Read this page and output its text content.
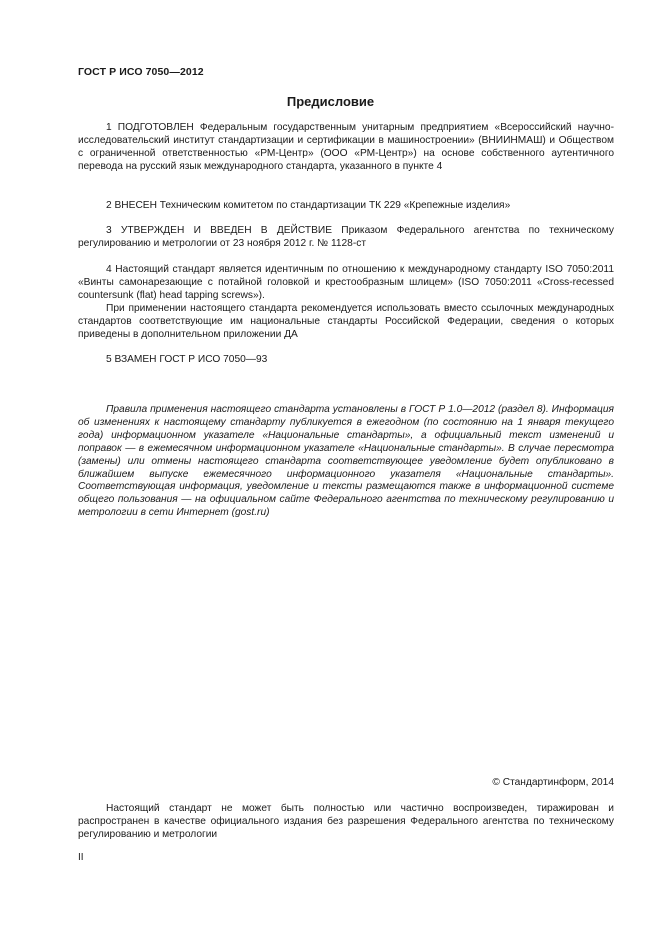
ГОСТ Р ИСО 7050—2012
Предисловие

1 ПОДГОТОВЛЕН Федеральным государственным унитарным предприятием «Всероссийский научно-исследовательский институт стандартизации и сертификации в машиностроении» (ВНИИНМАШ) и Обществом с ограниченной ответственностью «РМ-Центр» (ООО «РМ-Центр») на основе собственного аутентичного перевода на русский язык международного стандарта, указанного в пункте 4

2 ВНЕСЕН Техническим комитетом по стандартизации ТК 229 «Крепежные изделия»

3 УТВЕРЖДЕН И ВВЕДЕН В ДЕЙСТВИЕ Приказом Федерального агентства по техническому регулированию и метрологии от 23 ноября 2012 г. № 1128-ст

4 Настоящий стандарт является идентичным по отношению к международному стандарту ISO 7050:2011 «Винты самонарезающие с потайной головкой и крестообразным шлицем» (ISO 7050:2011 «Cross-recessed countersunk (flat) head tapping screws»).

При применении настоящего стандарта рекомендуется использовать вместо ссылочных международных стандартов соответствующие им национальные стандарты Российской Федерации, сведения о которых приведены в дополнительном приложении ДА

5 ВЗАМЕН ГОСТ Р ИСО 7050—93

Правила применения настоящего стандарта установлены в ГОСТ Р 1.0—2012 (раздел 8). Информация об изменениях к настоящему стандарту публикуется в ежегодном (по состоянию на 1 января текущего года) информационном указателе «Национальные стандарты», а официальный текст изменений и поправок — в ежемесячном информационном указателе «Национальные стандарты». В случае пересмотра (замены) или отмены настоящего стандарта соответствующее уведомление будет опубликовано в ближайшем выпуске ежемесячного информационного указателя «Национальные стандарты». Соответствующая информация, уведомление и тексты размещаются также в информационной системе общего пользования — на официальном сайте Федерального агентства по техническому регулированию и метрологии в сети Интернет (gost.ru)

© Стандартинформ, 2014

Настоящий стандарт не может быть полностью или частично воспроизведен, тиражирован и распространен в качестве официального издания без разрешения Федерального агентства по техническому регулированию и метрологии

II
